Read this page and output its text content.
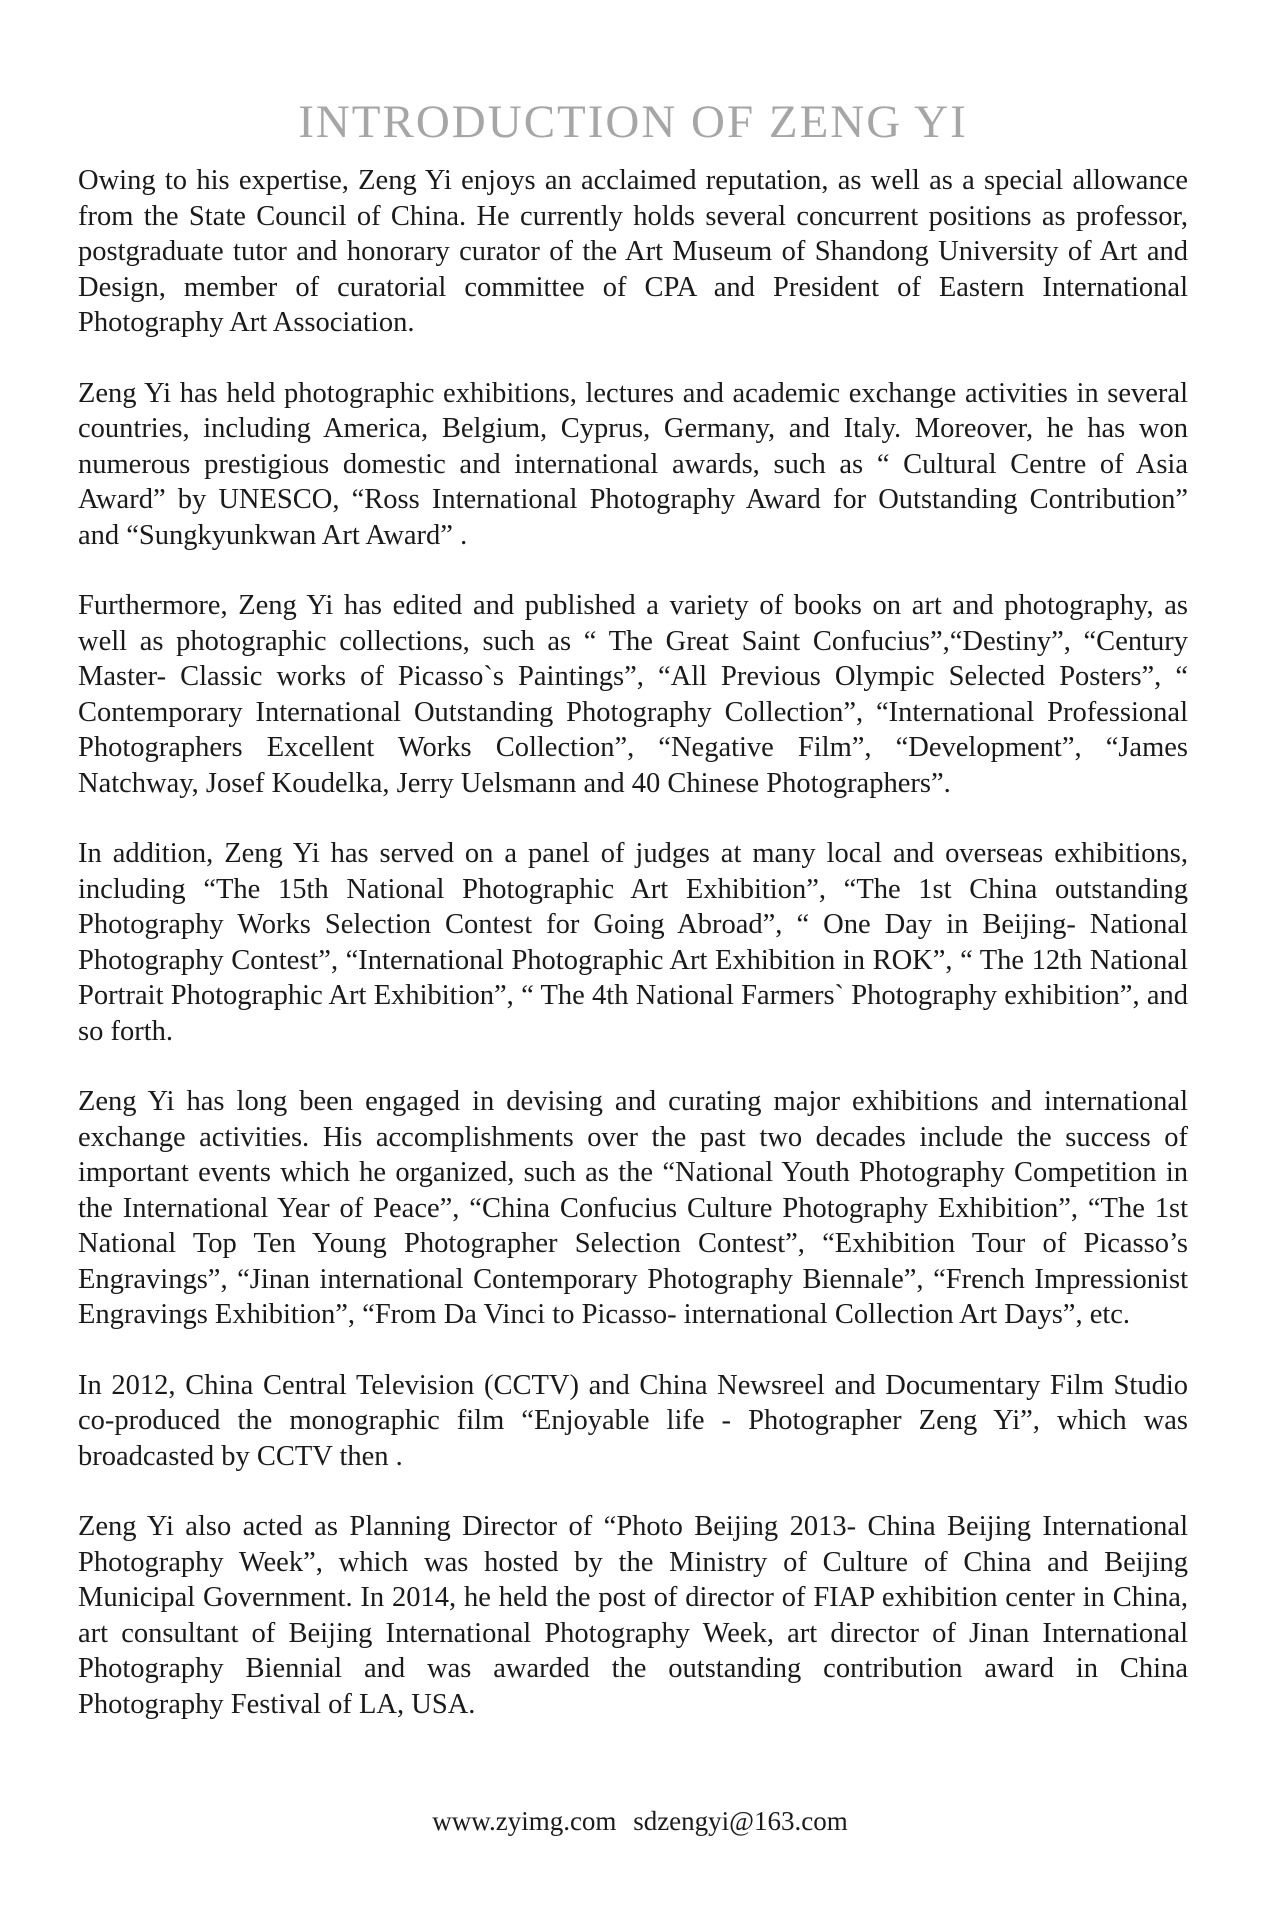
INTRODUCTION OF ZENG YI

Owing to his expertise, Zeng Yi enjoys an acclaimed reputation, as well as a special allowance from the State Council of China. He currently holds several concurrent positions as professor, postgraduate tutor and honorary curator of the Art Museum of Shandong University of Art and Design, member of curatorial committee of CPA and President of Eastern International Photography Art Association.

Zeng Yi has held photographic exhibitions, lectures and academic exchange activities in several countries, including America, Belgium, Cyprus, Germany, and Italy. Moreover, he has won numerous prestigious domestic and international awards, such as “ Cultural Centre of Asia Award” by UNESCO, “Ross International Photography Award for Outstanding Contribution” and “Sungkyunkwan Art Award” .

Furthermore, Zeng Yi has edited and published a variety of books on art and photography, as well as photographic collections, such as “ The Great Saint Confucius”,“Destiny”, “Century Master- Classic works of Picasso`s Paintings”, “All Previous Olympic Selected Posters”, “ Contemporary International Outstanding Photography Collection”, “International Professional Photographers Excellent Works Collection”, “Negative Film”, “Development”, “James Natchway, Josef Koudelka, Jerry Uelsmann and 40 Chinese Photographers”.

In addition, Zeng Yi has served on a panel of judges at many local and overseas exhibitions, including “The 15th National Photographic Art Exhibition”, “The 1st China outstanding Photography Works Selection Contest for Going Abroad”, “ One Day in Beijing- National Photography Contest”, “International Photographic Art Exhibition in ROK”, “ The 12th National Portrait Photographic Art Exhibition”, “ The 4th National Farmers` Photography exhibition”, and so forth.

Zeng Yi has long been engaged in devising and curating major exhibitions and international exchange activities. His accomplishments over the past two decades include the success of important events which he organized, such as the “National Youth Photography Competition in the International Year of Peace”, “China Confucius Culture Photography Exhibition”, “The 1st National Top Ten Young Photographer Selection Contest”, “Exhibition Tour of Picasso’s Engravings”, “Jinan international Contemporary Photography Biennale”, “French Impressionist Engravings Exhibition”, “From Da Vinci to Picasso- international Collection Art Days”, etc.

In 2012, China Central Television (CCTV) and China Newsreel and Documentary Film Studio co-produced the monographic film “Enjoyable life - Photographer Zeng Yi”, which was broadcasted by CCTV then .

Zeng Yi also acted as Planning Director of “Photo Beijing 2013- China Beijing International Photography Week”, which was hosted by the Ministry of Culture of China and Beijing Municipal Government. In 2014, he held the post of director of FIAP exhibition center in China, art consultant of Beijing International Photography Week, art director of Jinan International Photography Biennial and was awarded the outstanding contribution award in China Photography Festival of LA, USA.

www.zyimg.com sdzengyi@163.com
